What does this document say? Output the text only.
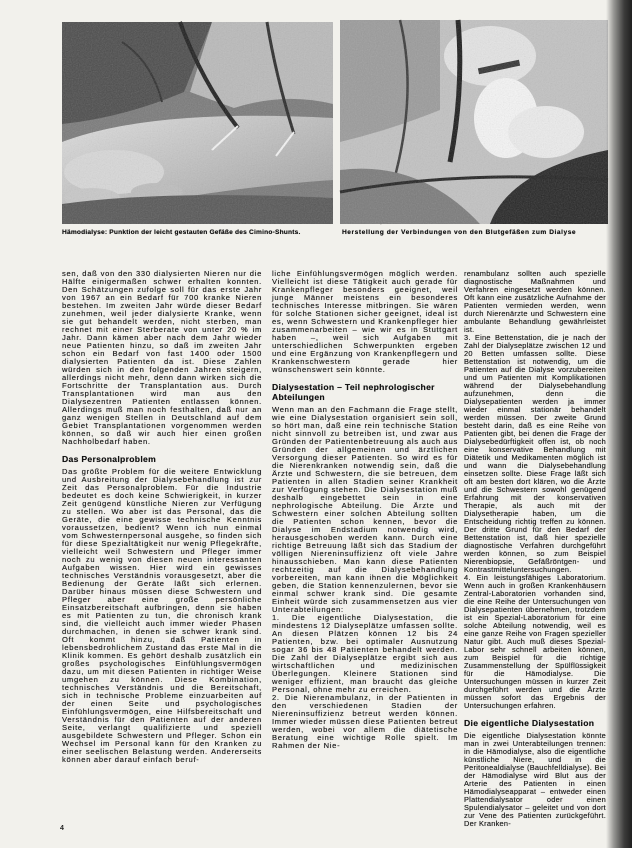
Hämodialyse: Punktion der leicht gestauten Gefäße des Cimino-Shunts.	Herstellung der Verbindungen von den Blutgefäßen zum Dialyse

sen, daß von den 330 dialysierten Nieren nur die Hälfte einigermaßen schwer erhalten konnten. Den Schätzungen zufolge soll für das erste Jahr von 1967 an ein Bedarf für 700 kranke Nieren bestehen. Im zweiten Jahr würde dieser Bedarf zunehmen, weil jeder dialysierte Kranke, wenn sie gut behandelt werden, nicht sterben, man rechnet mit einer Sterberate von unter 20 % im Jahr. Dann kämen aber nach dem Jahr wieder neue Patienten hinzu, so daß im zweiten Jahr schon ein Bedarf von fast 1400 oder 1500 dialysierten Patienten da ist. Diese Zahlen würden sich in den folgenden Jahren steigern, allerdings nicht mehr, denn dann wirken sich die Fortschritte der Transplantation aus. Durch Transplantationen wird man aus den Dialysezentren Patienten entlassen können. Allerdings muß man noch festhalten, daß nur an ganz wenigen Stellen in Deutschland auf dem Gebiet Transplantationen vorgenommen werden können, so daß wir auch hier einen großen Nachholbedarf haben.

Das Personalproblem

Das größte Problem für die weitere Entwicklung und Ausbreitung der Dialysebehandlung ist zur Zeit das Personalproblem. Für die Industrie bedeutet es doch keine Schwierigkeit, in kurzer Zeit genügend künstliche Nieren zur Verfügung zu stellen. Wo aber ist das Personal, das die Geräte, die eine gewisse technische Kenntnis voraussetzen, bedient? Wenn ich nun einmal vom Schwesternpersonal ausgehe, so finden sich für diese Spezialtätigkeit nur wenig Pflegekräfte, vielleicht weil Schwestern und Pfleger immer noch zu wenig von diesen neuen interessanten Aufgaben wissen. Hier wird ein gewisses technisches Verständnis vorausgesetzt, aber die Bedienung der Geräte läßt sich erlernen. Darüber hinaus müssen diese Schwestern und Pfleger aber eine große persönliche Einsatzbereitschaft aufbringen, denn sie haben es mit Patienten zu tun, die chronisch krank sind, die vielleicht auch immer wieder Phasen durchmachen, in denen sie schwer krank sind. Oft kommt hinzu, daß Patienten in lebensbedrohlichem Zustand das erste Mal in die Klinik kommen. Es gehört deshalb zusätzlich ein großes psychologisches Einfühlungsvermögen dazu, um mit diesen Patienten in richtiger Weise umgehen zu können. Diese Kombination, technisches Verständnis und die Bereitschaft, sich in technische Probleme einzuarbeiten auf der einen Seite und psychologisches Einfühlungsvermögen, eine Hilfsbereitschaft und Verständnis für den Patienten auf der anderen Seite, verlangt qualifizierte und speziell ausgebildete Schwestern und Pfleger. Schon ein Wechsel im Personal kann für den Kranken zu einer seelischen Belastung werden. Andererseits können aber darauf einfach beruf-

liche Einfühlungsvermögen möglich werden. Vielleicht ist diese Tätigkeit auch gerade für Krankenpfleger besonders geeignet, weil junge Männer meistens ein besonderes technisches Interesse mitbringen. Sie wären für solche Stationen sicher geeignet, ideal ist es, wenn Schwestern und Krankenpfleger hier zusammenarbeiten – wie wir es in Stuttgart haben –, weil sich Aufgaben mit unterschiedlichen Schwerpunkten ergeben und eine Ergänzung von Krankenpflegern und Krankenschwestern gerade hier wünschenswert sein könnte.

Dialysestation – Teil nephrologischer Abteilungen

Wenn man an den Fachmann die Frage stellt, wie eine Dialysestation organisiert sein soll, so hört man, daß eine rein technische Station nicht sinnvoll zu betreiben ist, und zwar aus Gründen der Patientenbetreuung als auch aus Gründen der allgemeinen und ärztlichen Versorgung dieser Patienten. So wird es für die Nierenkranken notwendig sein, daß die Ärzte und Schwestern, die sie betreuen, dem Patienten in allen Stadien seiner Krankheit zur Verfügung stehen. Die Dialysestation muß deshalb eingebettet sein in eine nephrologische Abteilung. Die Ärzte und Schwestern einer solchen Abteilung sollten die Patienten schon kennen, bevor die Dialyse im Endstadium notwendig wird, herausgeschoben werden kann. Durch eine richtige Betreuung läßt sich das Stadium der völligen Niereninsuffizienz oft viele Jahre hinausschieben. Man kann diese Patienten rechtzeitig auf die Dialysebehandlung vorbereiten, man kann ihnen die Möglichkeit geben, die Station kennenzulernen, bevor sie einmal schwer krank sind. Die gesamte Einheit würde sich zusammensetzen aus vier Unterabteilungen:

1. Die eigentliche Dialysestation, die mindestens 12 Dialyseplätze umfassen sollte. An diesen Plätzen können 12 bis 24 Patienten, bzw. bei optimaler Ausnutzung sogar 36 bis 48 Patienten behandelt werden. Die Zahl der Dialyseplätze ergibt sich aus wirtschaftlichen und medizinischen Überlegungen. Kleinere Stationen sind weniger effizient, man braucht das gleiche Personal, ohne mehr zu erreichen.

2. Die Nierenambulanz, in der Patienten in den verschiedenen Stadien der Niereninsuffizienz betreut werden können. Immer wieder müssen diese Patienten betreut werden, wobei vor allem die diätetische Beratung eine wichtige Rolle spielt. Im Rahmen der Nie-

renambulanz sollten auch spezielle diagnostische Maßnahmen und Verfahren eingesetzt werden können. Oft kann eine zusätzliche Aufnahme der Patienten vermieden werden, wenn durch Nierenärzte und Schwestern eine ambulante Behandlung gewährleistet ist.

3. Eine Bettenstation, die je nach der Zahl der Dialyseplätze zwischen 12 und 20 Betten umfassen sollte. Diese Bettenstation ist notwendig, um die Patienten auf die Dialyse vorzubereiten und um Patienten mit Komplikationen während der Dialysebehandlung aufzunehmen, denn die Dialysepatienten werden ja immer wieder einmal stationär behandelt werden müssen. Der zweite Grund besteht darin, daß es eine Reihe von Patienten gibt, bei denen die Frage der Dialysebedürftigkeit offen ist, ob noch eine konservative Behandlung mit Diätetik und Medikamenten möglich ist und wann die Dialysebehandlung einsetzen sollte. Diese Frage läßt sich oft am besten dort klären, wo die Ärzte und die Schwestern sowohl genügend Erfahrung mit der konservativen Therapie, als auch mit der Dialysetherapie haben, um die Entscheidung richtig treffen zu können. Der dritte Grund für den Bedarf der Bettenstation ist, daß hier spezielle diagnostische Verfahren durchgeführt werden können, so zum Beispiel Nierenbiopsie, Gefäßröntgen- und Kontrastmitteluntersuchungen.

4. Ein leistungsfähiges Laboratorium. Wenn auch in großen Krankenhäusern Zentral-Laboratorien vorhanden sind, die eine Reihe der Untersuchungen von Dialysepatienten übernehmen, trotzdem ist ein Spezial-Laboratorium für eine solche Abteilung notwendig, weil es eine ganze Reihe von Fragen spezieller Natur gibt. Auch muß dieses Spezial-Labor sehr schnell arbeiten können, zum Beispiel für die richtige Zusammenstellung der Spülflüssigkeit für die Hämodialyse. Die Untersuchungen müssen in kurzer Zeit durchgeführt werden und die Ärzte müssen sofort das Ergebnis der Untersuchungen erfahren.

Die eigentliche Dialysestation

Die eigentliche Dialysestation könnte man in zwei Unterabteilungen trennen: in die Hämodialyse, also die eigentliche künstliche Niere, und in die Peritonealdialyse (Bauchfelldialyse). Bei der Hämodialyse wird Blut aus der Arterie des Patienten in einen Hämodialyseapparat – entweder einen Plattendialysator oder einen Spulendialysator – geleitet und von dort zur Vene des Patienten zurückgeführt. Der Kranken-

4
